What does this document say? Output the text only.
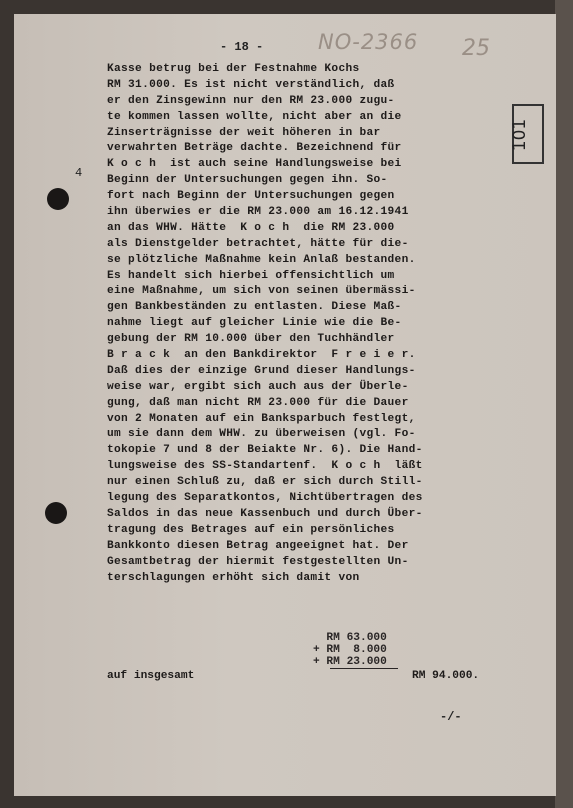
- 18 -	NO-2366 25
101
4
Kasse betrug bei der Festnahme Kochs
RM 31.000. Es ist nicht verständlich, daß
er den Zinsgewinn nur den RM 23.000 zugu-
te kommen lassen wollte, nicht aber an die
Zinserträgnisse der weit höheren in bar
verwahrten Beträge dachte. Bezeichnend für
K o c h  ist auch seine Handlungsweise bei
Beginn der Untersuchungen gegen ihn. So-
fort nach Beginn der Untersuchungen gegen
ihn überwies er die RM 23.000 am 16.12.1941
an das WHW. Hätte  K o c h  die RM 23.000
als Dienstgelder betrachtet, hätte für die-
se plötzliche Maßnahme kein Anlaß bestanden.
Es handelt sich hierbei offensichtlich um
eine Maßnahme, um sich von seinen übermässi-
gen Bankbeständen zu entlasten. Diese Maß-
nahme liegt auf gleicher Linie wie die Be-
gebung der RM 10.000 über den Tuchhändler
B r a c k  an den Bankdirektor  F r e i e r.
Daß dies der einzige Grund dieser Handlungs-
weise war, ergibt sich auch aus der Überle-
gung, daß man nicht RM 23.000 für die Dauer
von 2 Monaten auf ein Banksparbuch festlegt,
um sie dann dem WHW. zu überweisen (vgl. Fo-
tokopie 7 und 8 der Beiakte Nr. 6). Die Hand-
lungsweise des SS-Standartenf.  K o c h  läßt
nur einen Schluß zu, daß er sich durch Still-
legung des Separatkontos, Nichtübertragen des
Saldos in das neue Kassenbuch und durch Über-
tragung des Betrages auf ein persönliches
Bankkonto diesen Betrag angeeignet hat. Der
Gesamtbetrag der hiermit festgestellten Un-
terschlagungen erhöht sich damit von
RM 63.000
+ RM  8.000
+ RM 23.000
auf insgesamt	RM 94.000.
-/-
